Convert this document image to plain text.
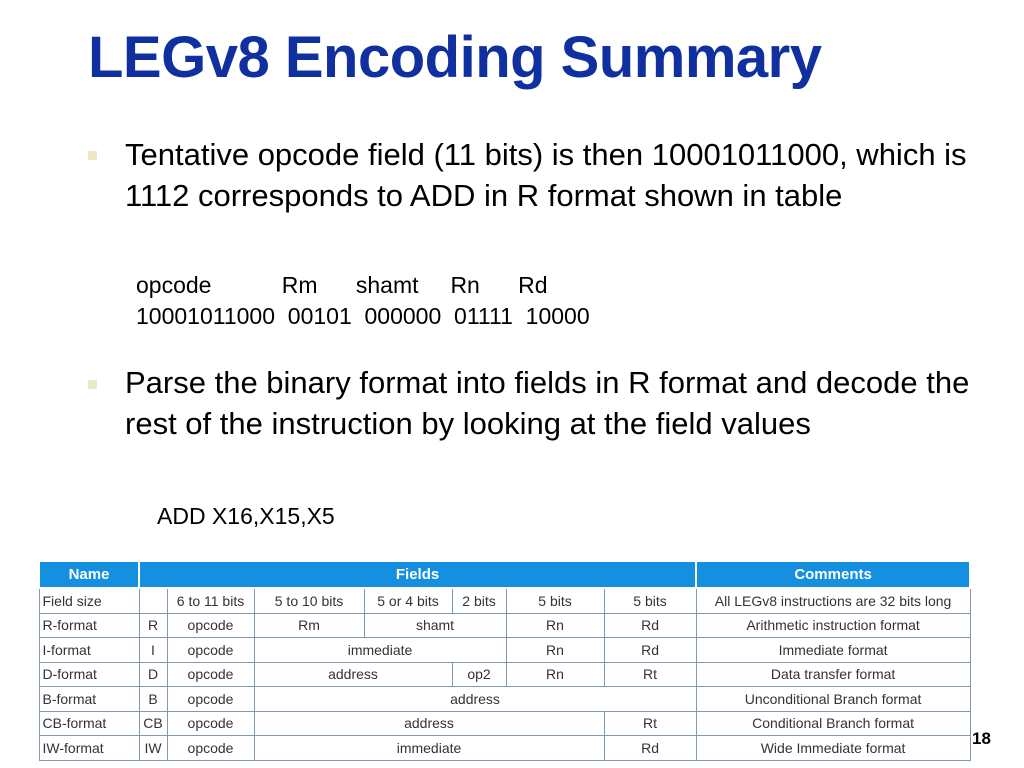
LEGv8 Encoding Summary
Tentative opcode field (11 bits) is then 10001011000, which is 1112 corresponds to ADD in R format shown in table
opcode           Rm      shamt     Rn      Rd
10001011000  00101  000000  01111  10000
Parse the binary format into fields in R format and decode the rest of the instruction by looking at the field values
ADD X16,X15,X5
Name	Fields							Comments
Field size		6 to 11 bits	5 to 10 bits	5 or 4 bits	2 bits	5 bits	5 bits	All LEGv8 instructions are 32 bits long
R-format	R	opcode	Rm	shamt		Rn	Rd	Arithmetic instruction format
I-format	I	opcode	immediate			Rn	Rd	Immediate format
D-format	D	opcode	address		op2	Rn	Rt	Data transfer format
B-format	B	opcode	address					Unconditional Branch format
CB-format	CB	opcode	address				Rt	Conditional Branch format
IW-format	IW	opcode	immediate				Rd	Wide Immediate format	18
